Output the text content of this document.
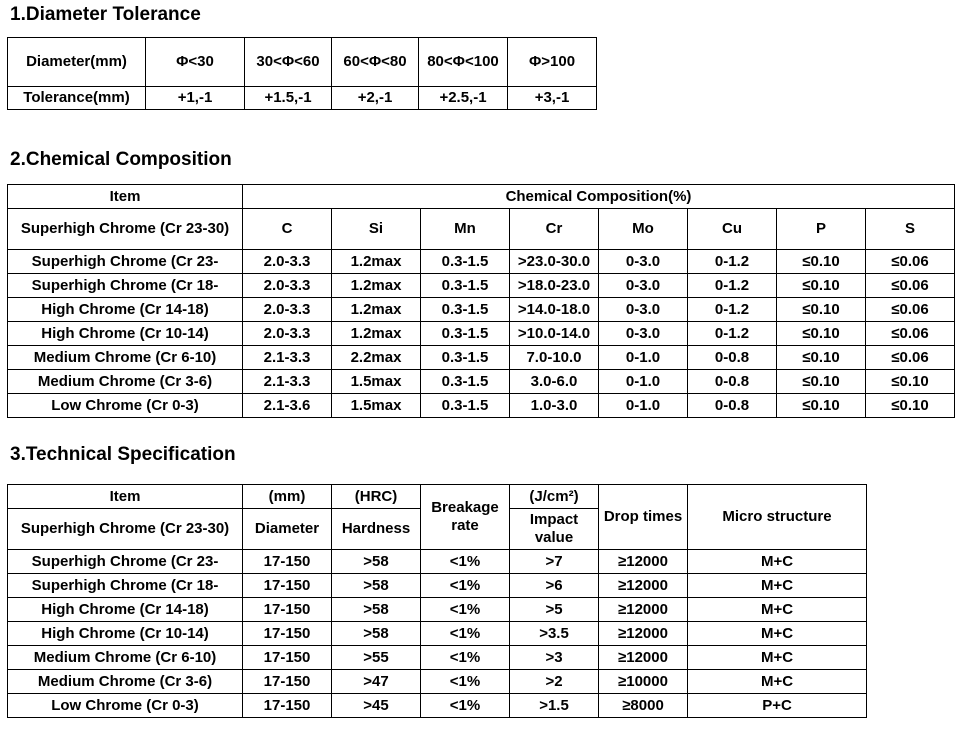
1.Diameter Tolerance
Diameter(mm)	Φ<30	30<Φ<60	60<Φ<80	80<Φ<100	Φ>100
Tolerance(mm)	+1,-1	+1.5,-1	+2,-1	+2.5,-1	+3,-1
2.Chemical Composition
Item	Chemical Composition(%)							
Superhigh Chrome (Cr 23-30)	C	Si	Mn	Cr	Mo	Cu	P	S
Superhigh Chrome (Cr 23-	2.0-3.3	1.2max	0.3-1.5	>23.0-30.0	0-3.0	0-1.2	≤0.10	≤0.06
Superhigh Chrome (Cr 18-	2.0-3.3	1.2max	0.3-1.5	>18.0-23.0	0-3.0	0-1.2	≤0.10	≤0.06
High Chrome (Cr 14-18)	2.0-3.3	1.2max	0.3-1.5	>14.0-18.0	0-3.0	0-1.2	≤0.10	≤0.06
High Chrome (Cr 10-14)	2.0-3.3	1.2max	0.3-1.5	>10.0-14.0	0-3.0	0-1.2	≤0.10	≤0.06
Medium Chrome (Cr 6-10)	2.1-3.3	2.2max	0.3-1.5	7.0-10.0	0-1.0	0-0.8	≤0.10	≤0.06
Medium Chrome (Cr 3-6)	2.1-3.3	1.5max	0.3-1.5	3.0-6.0	0-1.0	0-0.8	≤0.10	≤0.10
Low Chrome (Cr 0-3)	2.1-3.6	1.5max	0.3-1.5	1.0-3.0	0-1.0	0-0.8	≤0.10	≤0.10
3.Technical Specification
Item	(mm)	(HRC)	Breakage rate	(J/cm²)	Drop times	Micro structure
Superhigh Chrome (Cr 23-30)	Diameter	Hardness		Impact value		
Superhigh Chrome (Cr 23-	17-150	>58	<1%	>7	≥12000	M+C
Superhigh Chrome (Cr 18-	17-150	>58	<1%	>6	≥12000	M+C
High Chrome (Cr 14-18)	17-150	>58	<1%	>5	≥12000	M+C
High Chrome (Cr 10-14)	17-150	>58	<1%	>3.5	≥12000	M+C
Medium Chrome (Cr 6-10)	17-150	>55	<1%	>3	≥12000	M+C
Medium Chrome (Cr 3-6)	17-150	>47	<1%	>2	≥10000	M+C
Low Chrome (Cr 0-3)	17-150	>45	<1%	>1.5	≥8000	P+C
